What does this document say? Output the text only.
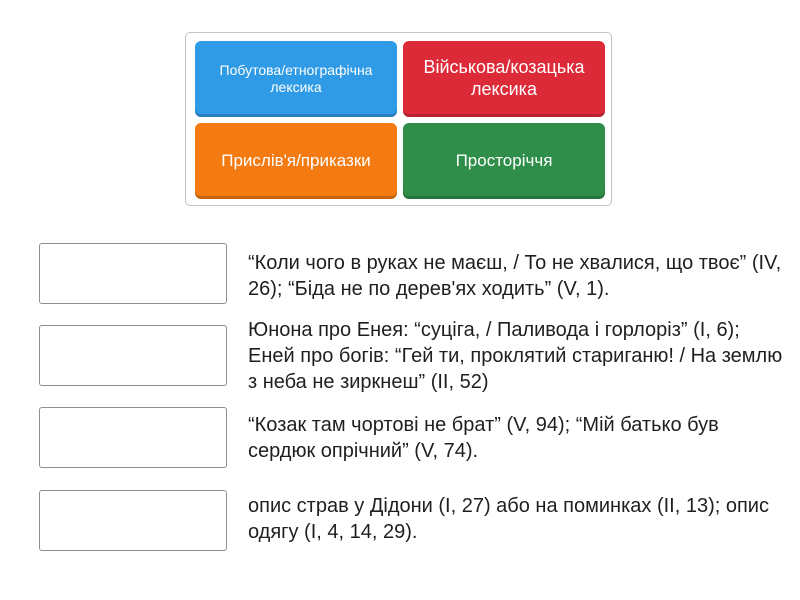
Побутова/етнографічна лексика
Військова/козацька лексика
Прислів'я/приказки	Просторіччя
“Коли чого в руках не маєш, / То не хвалися, що твоє” (IV, 26); “Біда не по дерев'ях ходить” (V, 1).
Юнона про Енея: “суціга, / Паливода і горлоріз” (I, 6); Еней про богів: “Гей ти, проклятий стариганю! / На землю з неба не зиркнеш” (II, 52)
“Козак там чортові не брат” (V, 94); “Мій батько був сердюк опрічний” (V, 74).
опис страв у Дідони (I, 27) або на поминках (II, 13); опис одягу (I, 4, 14, 29).
